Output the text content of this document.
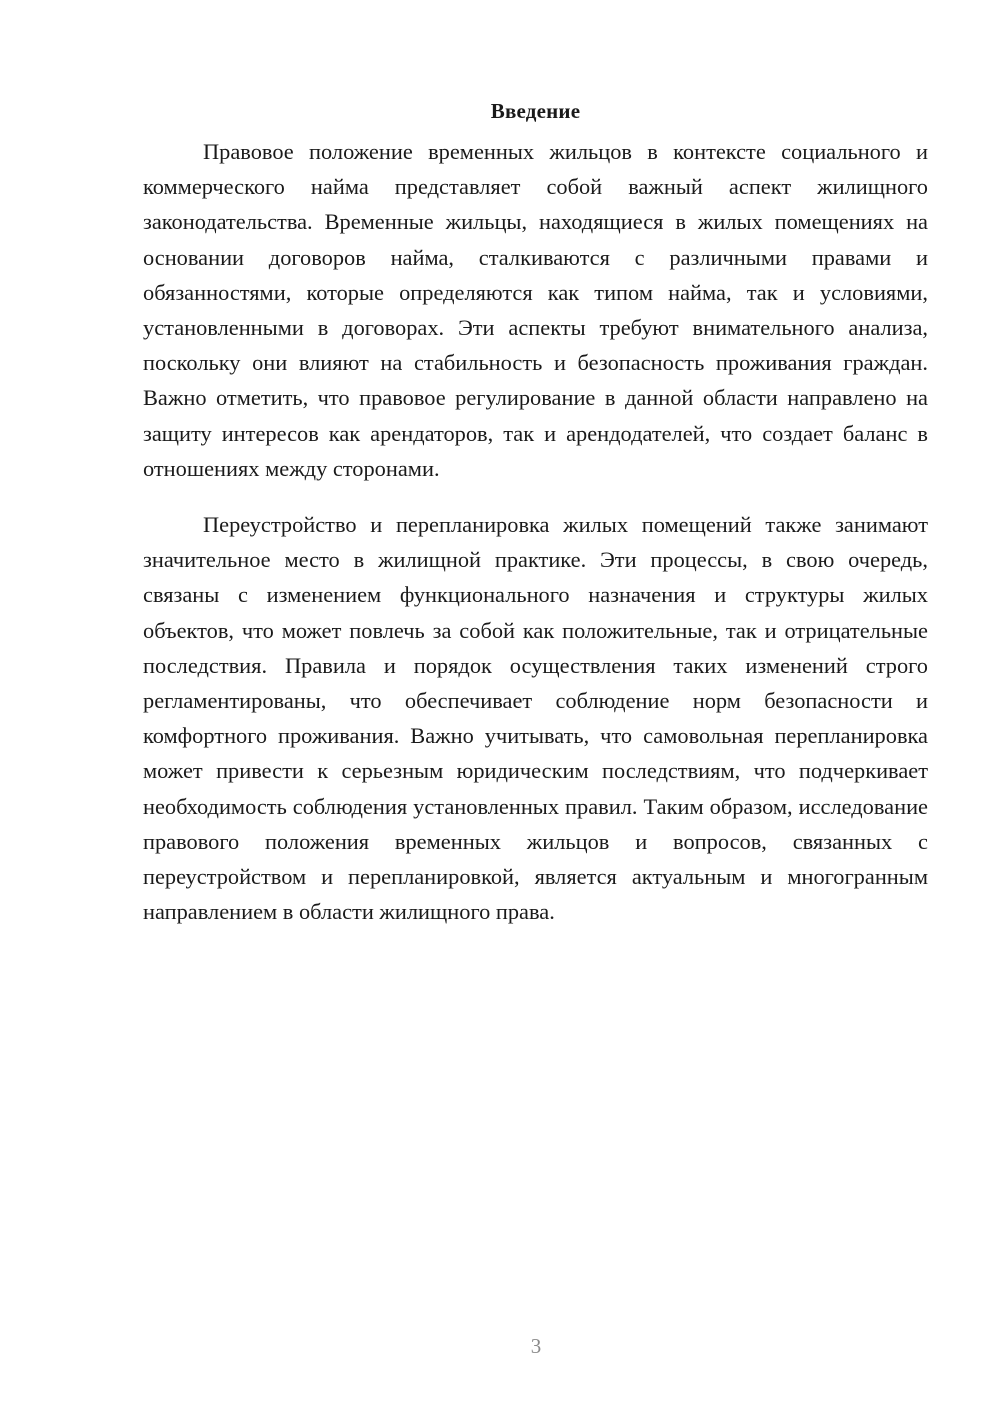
Введение

Правовое положение временных жильцов в контексте социального и коммерческого найма представляет собой важный аспект жилищного законодательства. Временные жильцы, находящиеся в жилых помещениях на основании договоров найма, сталкиваются с различными правами и обязанностями, которые определяются как типом найма, так и условиями, установленными в договорах. Эти аспекты требуют внимательного анализа, поскольку они влияют на стабильность и безопасность проживания граждан. Важно отметить, что правовое регулирование в данной области направлено на защиту интересов как арендаторов, так и арендодателей, что создает баланс в отношениях между сторонами.

Переустройство и перепланировка жилых помещений также занимают значительное место в жилищной практике. Эти процессы, в свою очередь, связаны с изменением функционального назначения и структуры жилых объектов, что может повлечь за собой как положительные, так и отрицательные последствия. Правила и порядок осуществления таких изменений строго регламентированы, что обеспечивает соблюдение норм безопасности и комфортного проживания. Важно учитывать, что самовольная перепланировка может привести к серьезным юридическим последствиям, что подчеркивает необходимость соблюдения установленных правил. Таким образом, исследование правового положения временных жильцов и вопросов, связанных с переустройством и перепланировкой, является актуальным и многогранным направлением в области жилищного права.

3
